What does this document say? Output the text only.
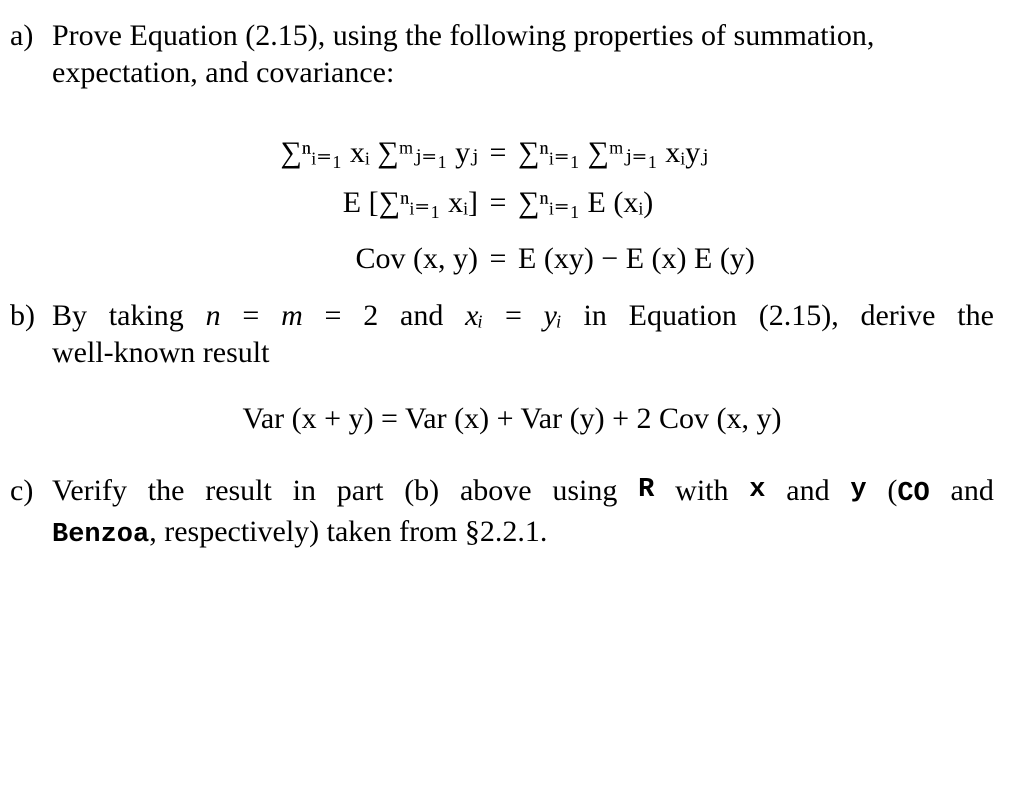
a) Prove Equation (2.15), using the following properties of summation,
expectation, and covariance:
∑ⁿᵢ₌₁ xᵢ ∑ᵐⱼ₌₁ yⱼ = ∑ⁿᵢ₌₁ ∑ᵐⱼ₌₁ xᵢyⱼ
E [∑ⁿᵢ₌₁ xᵢ] = ∑ⁿᵢ₌₁ E (xᵢ)
Cov (x, y) = E (xy) − E (x) E (y)
b) By taking n = m = 2 and xᵢ = yᵢ in Equation (2.15), derive the
well-known result
Var (x + y) = Var (x) + Var (y) + 2 Cov (x, y)
c) Verify the result in part (b) above using R with x and y (CO and
Benzoa, respectively) taken from §2.2.1.
